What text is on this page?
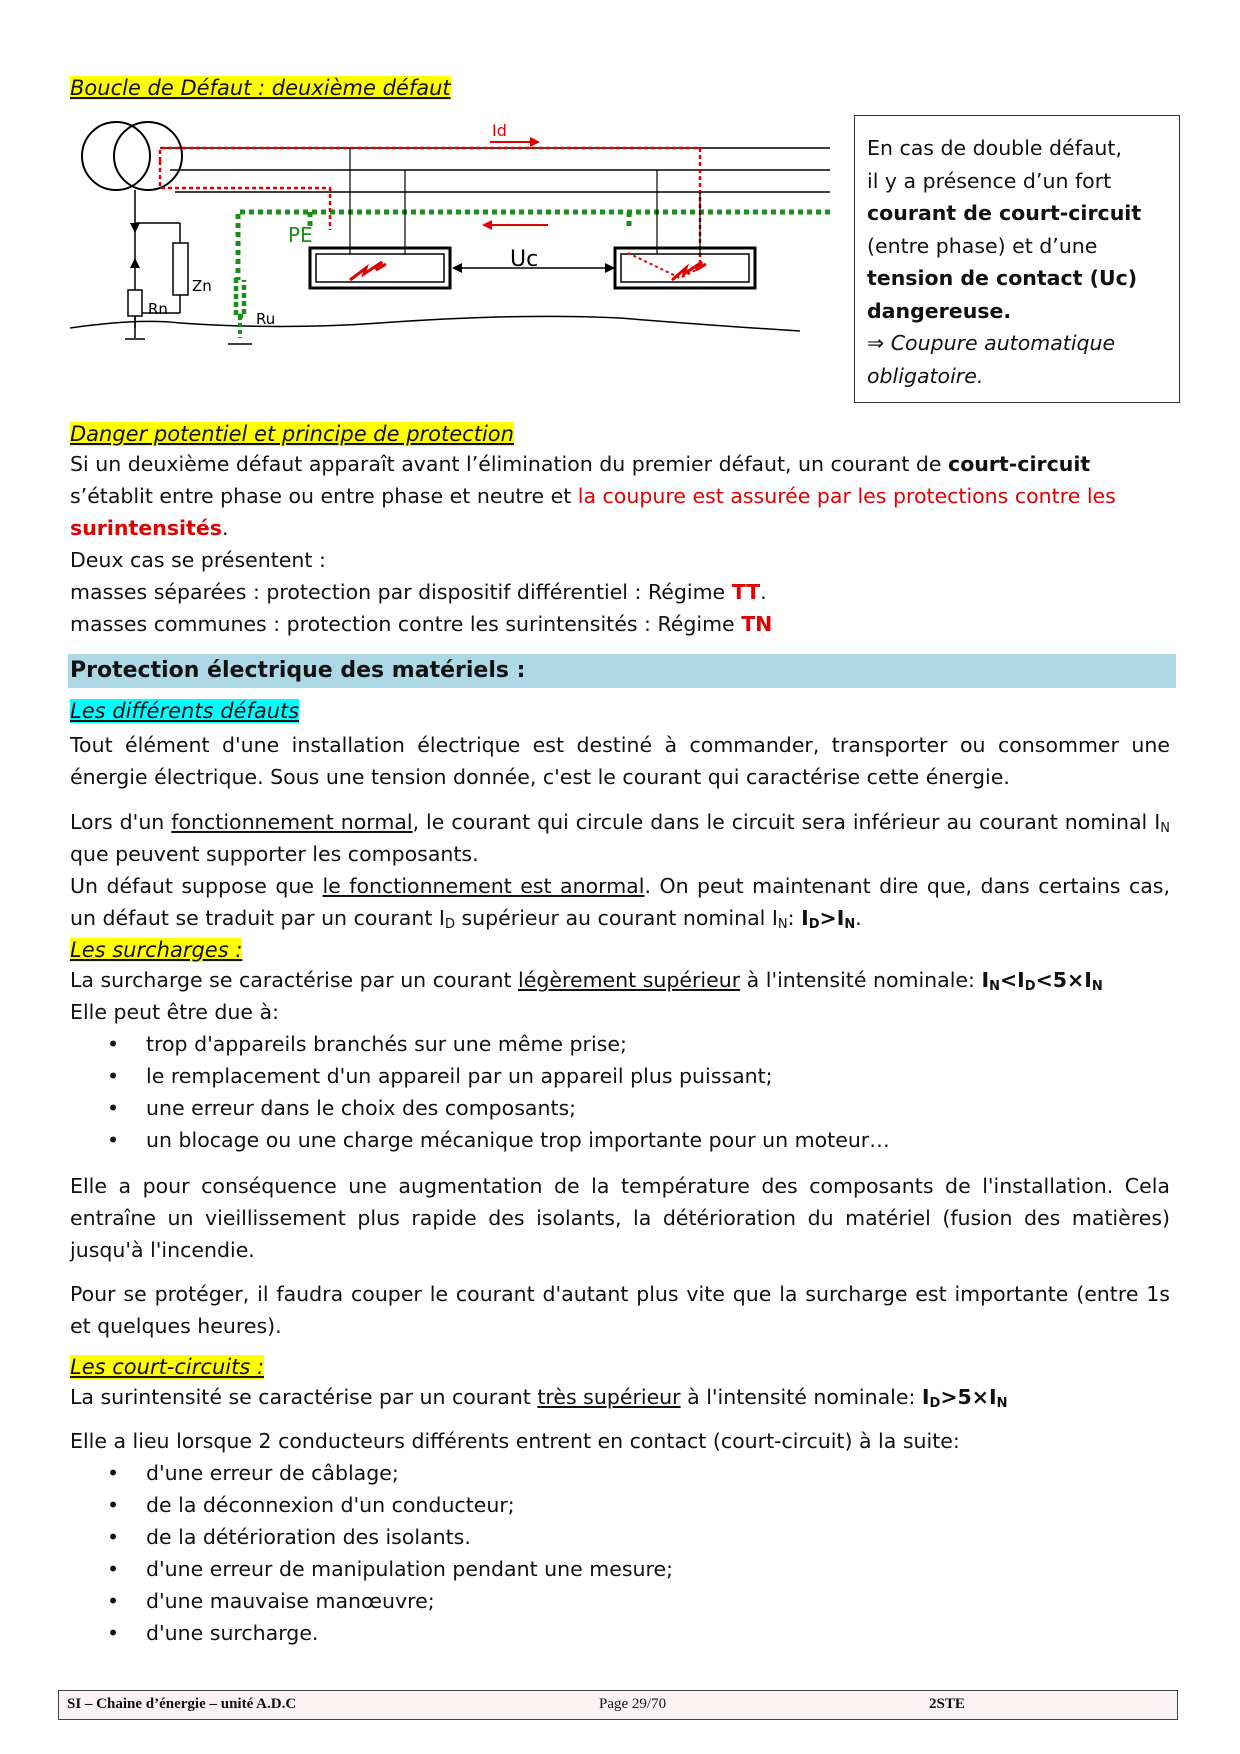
Boucle de Défaut : deuxième défaut
Zn
Rn
PE
Ru
Id
Uc
En cas de double défaut,
il y a présence d’un fort
courant de court-circuit
(entre phase) et d’une
tension de contact (Uc)
dangereuse.
⇒ Coupure automatique
obligatoire.
Danger potentiel et principe de protection
Si un deuxième défaut apparaît avant l’élimination du premier défaut, un courant de court-circuit
s’établit entre phase ou entre phase et neutre et la coupure est assurée par les protections contre les
surintensités.
Deux cas se présentent :
masses séparées : protection par dispositif différentiel : Régime TT.
masses communes : protection contre les surintensités : Régime TN
Protection électrique des matériels :
Les différents défauts
Tout élément d'une installation électrique est destiné à commander, transporter ou consommer une énergie électrique. Sous une tension donnée, c'est le courant qui caractérise cette énergie.
Lors d'un fonctionnement normal, le courant qui circule dans le circuit sera inférieur au courant nominal $I_N$ que peuvent supporter les composants.
Un défaut suppose que le fonctionnement est anormal. On peut maintenant dire que, dans certains cas, un défaut se traduit par un courant $I_D$ supérieur au courant nominal $I_N$: $I_D>I_N$.
Les surcharges :
La surcharge se caractérise par un courant légèrement supérieur à l'intensité nominale: $I_N<I_D<5\times I_N$
Elle peut être due à:
• trop d'appareils branchés sur une même prise;
• le remplacement d'un appareil par un appareil plus puissant;
• une erreur dans le choix des composants;
• un blocage ou une charge mécanique trop importante pour un moteur…
Elle a pour conséquence une augmentation de la température des composants de l'installation. Cela entraîne un vieillissement plus rapide des isolants, la détérioration du matériel (fusion des matières) jusqu'à l'incendie.
Pour se protéger, il faudra couper le courant d'autant plus vite que la surcharge est importante (entre 1s et quelques heures).
Les court-circuits :
La surintensité se caractérise par un courant très supérieur à l'intensité nominale: $I_D>5\times I_N$
Elle a lieu lorsque 2 conducteurs différents entrent en contact (court-circuit) à la suite:
• d'une erreur de câblage;
• de la déconnexion d'un conducteur;
• de la détérioration des isolants.
• d'une erreur de manipulation pendant une mesure;
• d'une mauvaise manœuvre;
• d'une surcharge.
SI – Chaine d’énergie – unité A.D.C	Page 29/70	2STE
